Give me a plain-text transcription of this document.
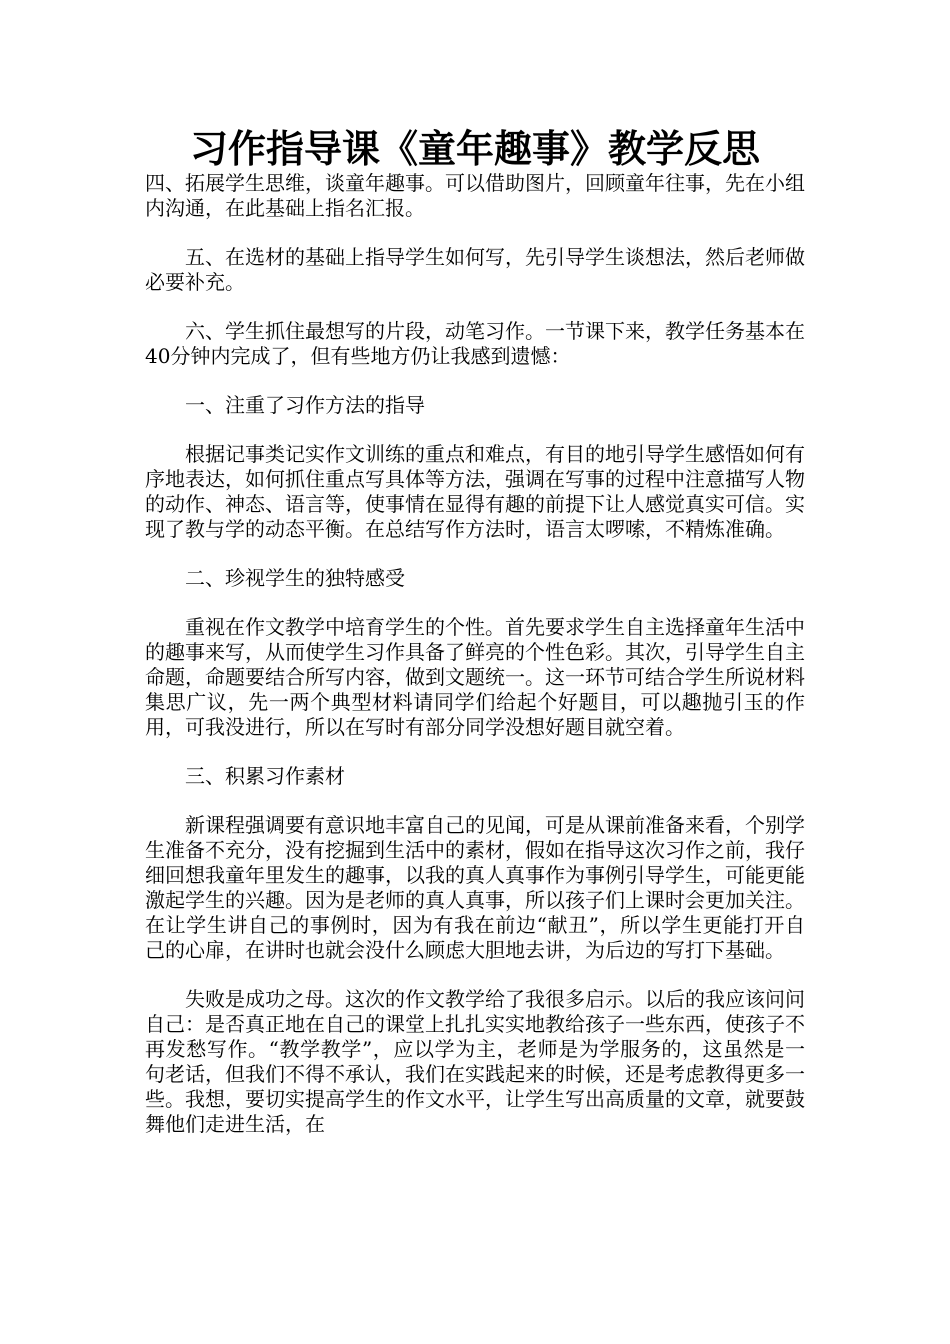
习作指导课《童年趣事》教学反思

四、拓展学生思维，谈童年趣事。可以借助图片，回顾童年往事，先在小组内沟通，在此基础上指名汇报。

五、在选材的基础上指导学生如何写，先引导学生谈想法，然后老师做必要补充。

六、学生抓住最想写的片段，动笔习作。一节课下来，教学任务基本在40分钟内完成了，但有些地方仍让我感到遗憾：

一、注重了习作方法的指导

根据记事类记实作文训练的重点和难点，有目的地引导学生感悟如何有序地表达，如何抓住重点写具体等方法，强调在写事的过程中注意描写人物的动作、神态、语言等，使事情在显得有趣的前提下让人感觉真实可信。实现了教与学的动态平衡。在总结写作方法时，语言太啰嗦，不精炼准确。

二、珍视学生的独特感受

重视在作文教学中培育学生的个性。首先要求学生自主选择童年生活中的趣事来写，从而使学生习作具备了鲜亮的个性色彩。其次，引导学生自主命题，命题要结合所写内容，做到文题统一。这一环节可结合学生所说材料集思广议，先一两个典型材料请同学们给起个好题目，可以趣抛引玉的作用，可我没进行，所以在写时有部分同学没想好题目就空着。

三、积累习作素材

新课程强调要有意识地丰富自己的见闻，可是从课前准备来看，个别学生准备不充分，没有挖掘到生活中的素材，假如在指导这次习作之前，我仔细回想我童年里发生的趣事，以我的真人真事作为事例引导学生，可能更能激起学生的兴趣。因为是老师的真人真事，所以孩子们上课时会更加关注。在让学生讲自己的事例时，因为有我在前边“献丑”，所以学生更能打开自己的心扉，在讲时也就会没什么顾虑大胆地去讲，为后边的写打下基础。

失败是成功之母。这次的作文教学给了我很多启示。以后的我应该问问自己：是否真正地在自己的课堂上扎扎实实地教给孩子一些东西，使孩子不再发愁写作。“教学教学”，应以学为主，老师是为学服务的，这虽然是一句老话，但我们不得不承认，我们在实践起来的时候，还是考虑教得更多一些。我想，要切实提高学生的作文水平，让学生写出高质量的文章，就要鼓舞他们走进生活，在
